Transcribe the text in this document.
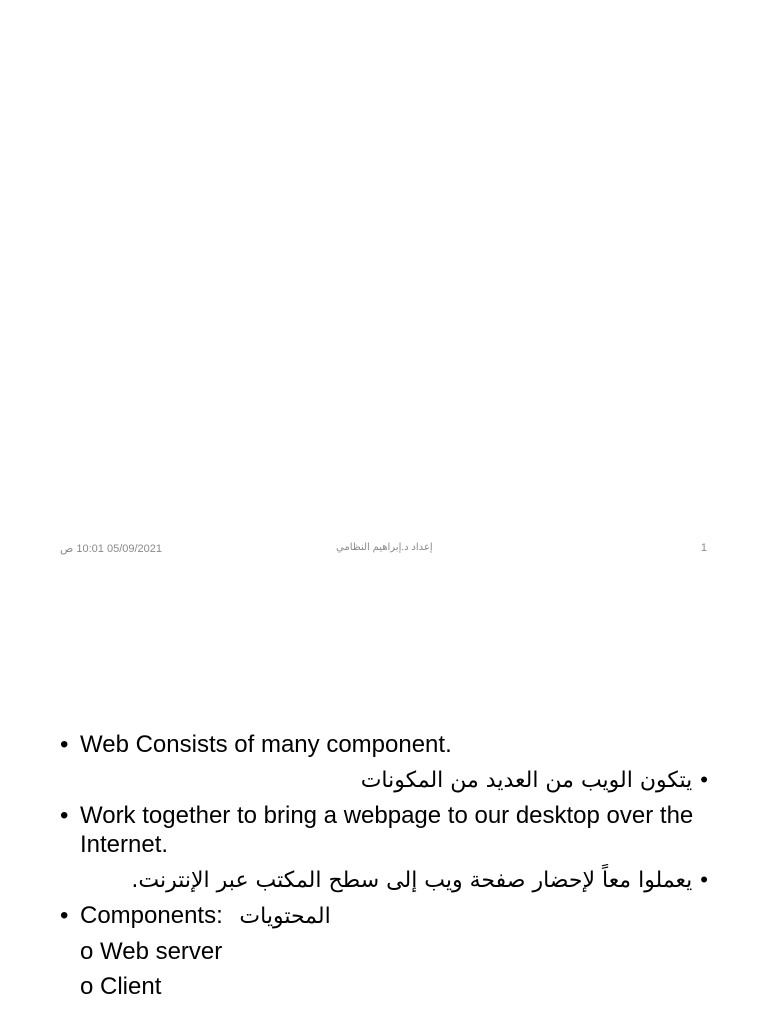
05/09/2021 10:01 ص	إعداد د.إبراهيم النظامي	1
• Web Consists of many component.
•يتكون الويب من العديد من المكونات
• Work together to bring a webpage to our desktop over the Internet.
•يعملوا معاً لإحضار صفحة ويب إلى سطح المكتب عبر الإنترنت.
• Components: المحتويات
o Web server
o Client
